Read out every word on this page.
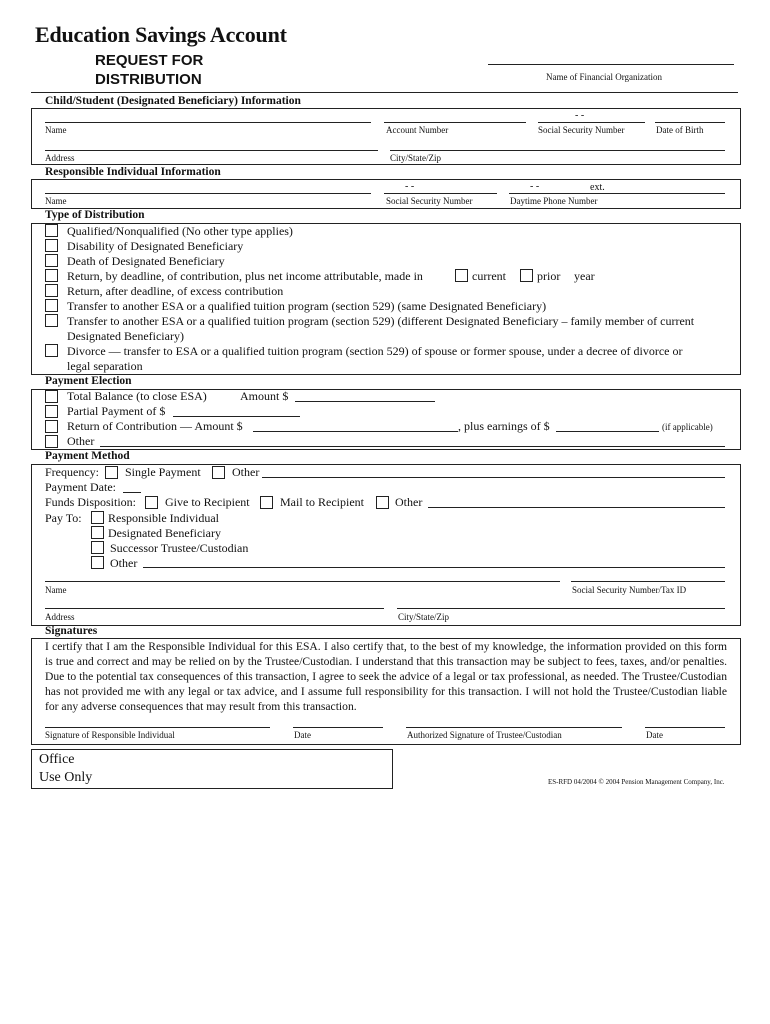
Education Savings Account
REQUEST FOR
DISTRIBUTION	Name of Financial Organization
Child/Student (Designated Beneficiary) Information
- -
Name	Account Number	Social Security Number	Date of Birth
Address	City/State/Zip
Responsible Individual Information
- -	- -	ext.
Name	Social Security Number	Daytime Phone Number
Type of Distribution
Qualified/Nonqualified (No other type applies)
Disability of Designated Beneficiary
Death of Designated Beneficiary
Return, by deadline, of contribution, plus net income attributable, made in	current	prior year
Return, after deadline, of excess contribution
Transfer to another ESA or a qualified tuition program (section 529) (same Designated Beneficiary)
Transfer to another ESA or a qualified tuition program (section 529) (different Designated Beneficiary – family member of current
Designated Beneficiary)
Divorce — transfer to ESA or a qualified tuition program (section 529) of spouse or former spouse, under a decree of divorce or
legal separation
Payment Election
Total Balance (to close ESA)	Amount $
Partial Payment of $
Return of Contribution — Amount $	, plus earnings of $	(if applicable)
Other
Payment Method
Frequency: Single Payment	Other
Payment Date:
Funds Disposition: Give to Recipient	Mail to Recipient	Other
Pay To: Responsible Individual
Designated Beneficiary
Successor Trustee/Custodian
Other
Name	Social Security Number/Tax ID
Address	City/State/Zip
Signatures
I certify that I am the Responsible Individual for this ESA. I also certify that, to the best of my knowledge, the information provided on this form is true and correct and may be relied on by the Trustee/Custodian. I understand that this transaction may be subject to fees, taxes, and/or penalties. Due to the potential tax consequences of this transaction, I agree to seek the advice of a legal or tax professional, as needed. The Trustee/Custodian has not provided me with any legal or tax advice, and I assume full responsibility for this transaction. I will not hold the Trustee/Custodian liable for any adverse consequences that may result from this transaction.
Signature of Responsible Individual	Date	Authorized Signature of Trustee/Custodian	Date
Office
Use Only	ES-RFD 04/2004 © 2004 Pension Management Company, Inc.
